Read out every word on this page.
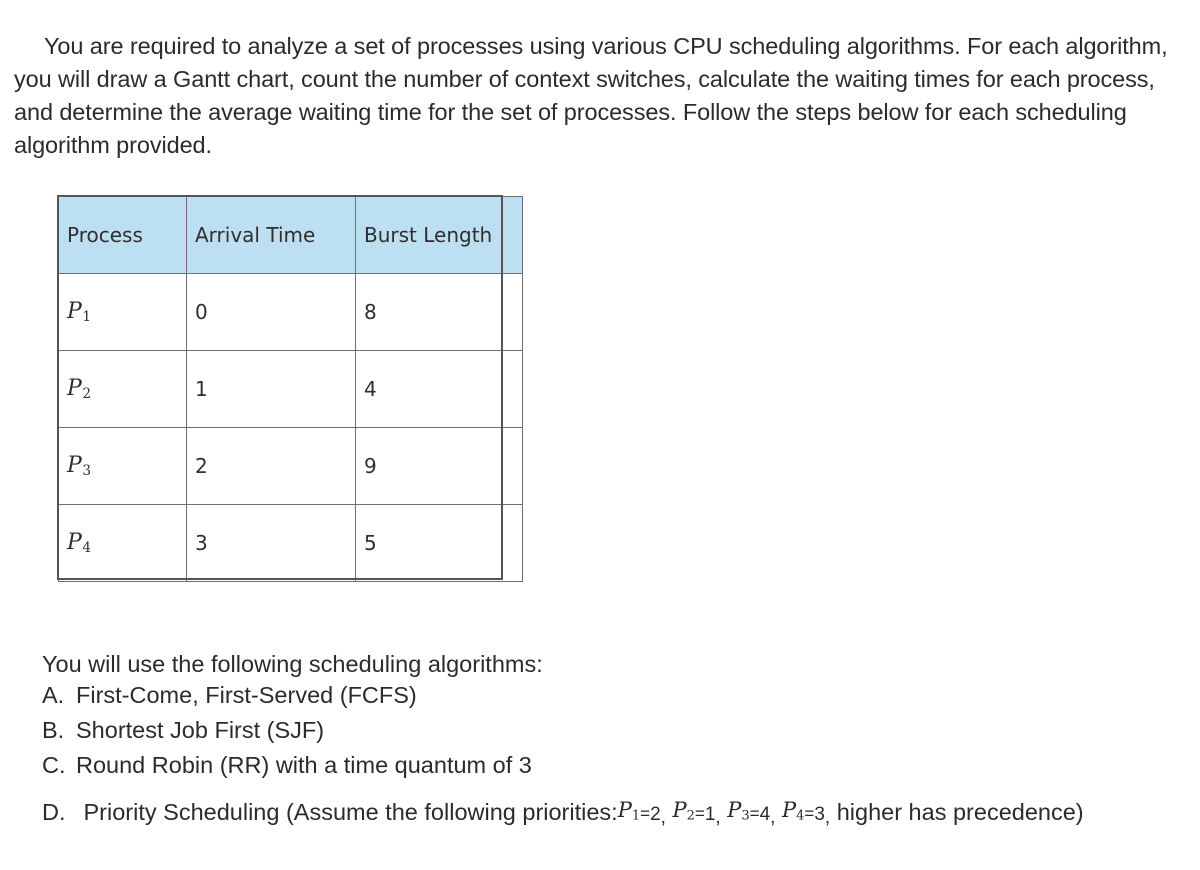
You are required to analyze a set of processes using various CPU scheduling algorithms. For each algorithm, you will draw a Gantt chart, count the number of context switches, calculate the waiting times for each process, and determine the average waiting time for the set of processes. Follow the steps below for each scheduling algorithm provided.

Process	Arrival Time	Burst Length
$P_1$	0	8
$P_2$	1	4
$P_3$	2	9
$P_4$	3	5

You will use the following scheduling algorithms:

A. First-Come, First-Served (FCFS)
B. Shortest Job First (SJF)
C. Round Robin (RR) with a time quantum of 3
D. Priority Scheduling (Assume the following $priorities:P_1=2$, $P_2=1$, $P_3=4$, $P_4=3$, higher has precedence)
